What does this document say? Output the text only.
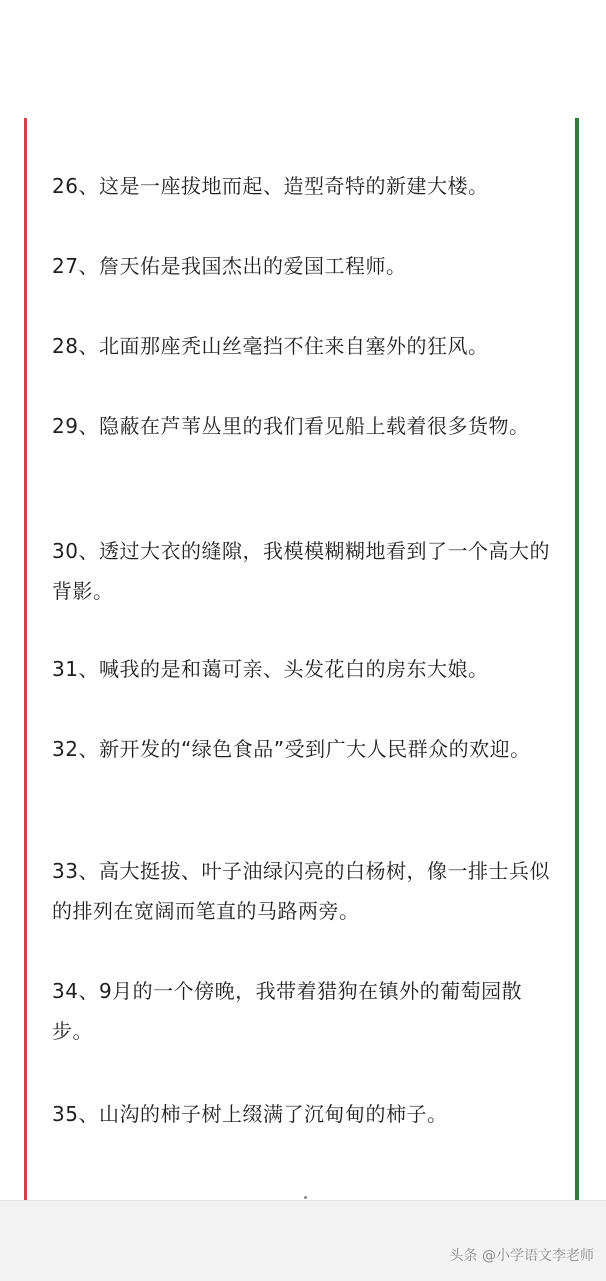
26、这是一座拔地而起、造型奇特的新建大楼。
27、詹天佑是我国杰出的爱国工程师。
28、北面那座秃山丝毫挡不住来自塞外的狂风。
29、隐蔽在芦苇丛里的我们看见船上载着很多货物。
30、透过大衣的缝隙，我模模糊糊地看到了一个高大的背影。
31、喊我的是和蔼可亲、头发花白的房东大娘。
32、新开发的“绿色食品”受到广大人民群众的欢迎。
33、高大挺拔、叶子油绿闪亮的白杨树，像一排士兵似的排列在宽阔而笔直的马路两旁。
34、9月的一个傍晚，我带着猎狗在镇外的葡萄园散步。
35、山沟的柿子树上缀满了沉甸甸的柿子。
头条 @小学语文李老师
